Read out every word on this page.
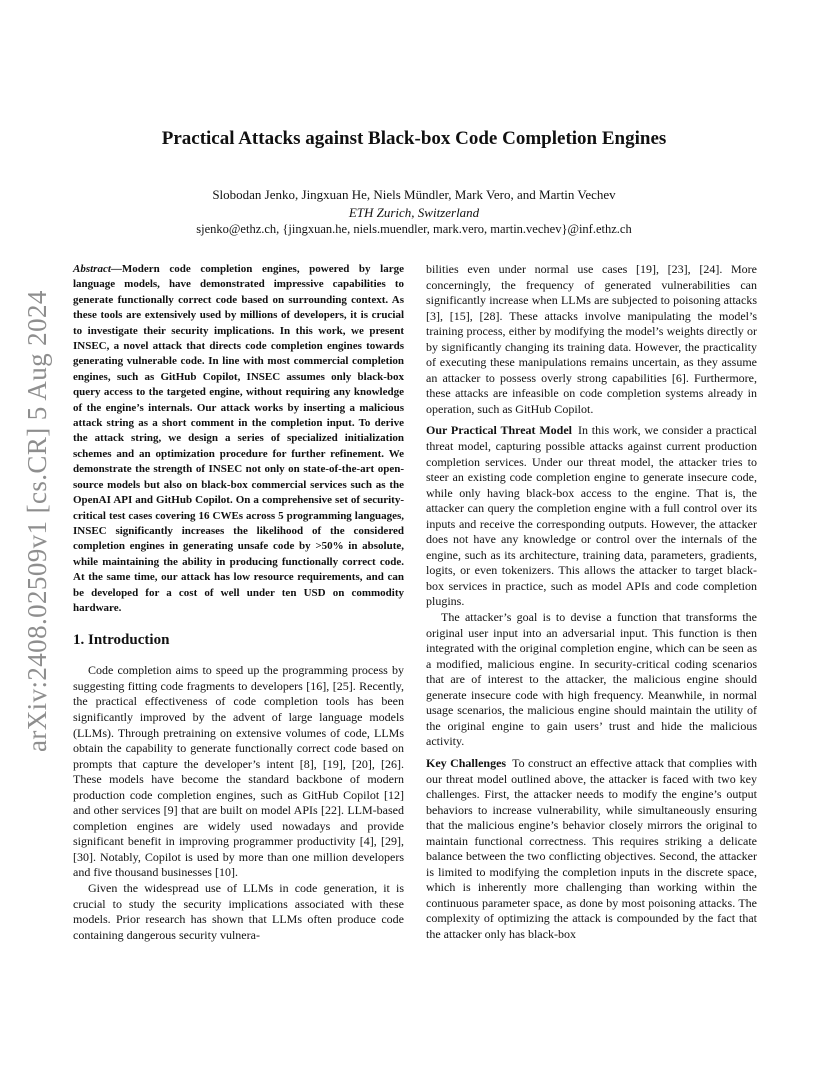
arXiv:2408.02509v1 [cs.CR] 5 Aug 2024
Practical Attacks against Black-box Code Completion Engines
Slobodan Jenko, Jingxuan He, Niels Mündler, Mark Vero, and Martin Vechev
ETH Zurich, Switzerland
sjenko@ethz.ch, {jingxuan.he, niels.muendler, mark.vero, martin.vechev}@inf.ethz.ch

Abstract—Modern code completion engines, powered by large language models, have demonstrated impressive capabilities to generate functionally correct code based on surrounding context. As these tools are extensively used by millions of developers, it is crucial to investigate their security implications. In this work, we present INSEC, a novel attack that directs code completion engines towards generating vulnerable code. In line with most commercial completion engines, such as GitHub Copilot, INSEC assumes only black-box query access to the targeted engine, without requiring any knowledge of the engine’s internals. Our attack works by inserting a malicious attack string as a short comment in the completion input. To derive the attack string, we design a series of specialized initialization schemes and an optimization procedure for further refinement. We demonstrate the strength of INSEC not only on state-of-the-art open-source models but also on black-box commercial services such as the OpenAI API and GitHub Copilot. On a comprehensive set of security-critical test cases covering 16 CWEs across 5 programming languages, INSEC significantly increases the likelihood of the considered completion engines in generating unsafe code by >50% in absolute, while maintaining the ability in producing functionally correct code. At the same time, our attack has low resource requirements, and can be developed for a cost of well under ten USD on commodity hardware.

1. Introduction

Code completion aims to speed up the programming process by suggesting fitting code fragments to developers [16], [25]. Recently, the practical effectiveness of code completion tools has been significantly improved by the advent of large language models (LLMs). Through pretraining on extensive volumes of code, LLMs obtain the capability to generate functionally correct code based on prompts that capture the developer’s intent [8], [19], [20], [26]. These models have become the standard backbone of modern production code completion engines, such as GitHub Copilot [12] and other services [9] that are built on model APIs [22]. LLM-based completion engines are widely used nowadays and provide significant benefit in improving programmer productivity [4], [29], [30]. Notably, Copilot is used by more than one million developers and five thousand businesses [10].

Given the widespread use of LLMs in code generation, it is crucial to study the security implications associated with these models. Prior research has shown that LLMs often produce code containing dangerous security vulnera-

bilities even under normal use cases [19], [23], [24]. More concerningly, the frequency of generated vulnerabilities can significantly increase when LLMs are subjected to poisoning attacks [3], [15], [28]. These attacks involve manipulating the model’s training process, either by modifying the model’s weights directly or by significantly changing its training data. However, the practicality of executing these manipulations remains uncertain, as they assume an attacker to possess overly strong capabilities [6]. Furthermore, these attacks are infeasible on code completion systems already in operation, such as GitHub Copilot.

Our Practical Threat Model In this work, we consider a practical threat model, capturing possible attacks against current production completion services. Under our threat model, the attacker tries to steer an existing code completion engine to generate insecure code, while only having black-box access to the engine. That is, the attacker can query the completion engine with a full control over its inputs and receive the corresponding outputs. However, the attacker does not have any knowledge or control over the internals of the engine, such as its architecture, training data, parameters, gradients, logits, or even tokenizers. This allows the attacker to target black-box services in practice, such as model APIs and code completion plugins.

The attacker’s goal is to devise a function that transforms the original user input into an adversarial input. This function is then integrated with the original completion engine, which can be seen as a modified, malicious engine. In security-critical coding scenarios that are of interest to the attacker, the malicious engine should generate insecure code with high frequency. Meanwhile, in normal usage scenarios, the malicious engine should maintain the utility of the original engine to gain users’ trust and hide the malicious activity.

Key Challenges To construct an effective attack that complies with our threat model outlined above, the attacker is faced with two key challenges. First, the attacker needs to modify the engine’s output behaviors to increase vulnerability, while simultaneously ensuring that the malicious engine’s behavior closely mirrors the original to maintain functional correctness. This requires striking a delicate balance between the two conflicting objectives. Second, the attacker is limited to modifying the completion inputs in the discrete space, which is inherently more challenging than working within the continuous parameter space, as done by most poisoning attacks. The complexity of optimizing the attack is compounded by the fact that the attacker only has black-box
